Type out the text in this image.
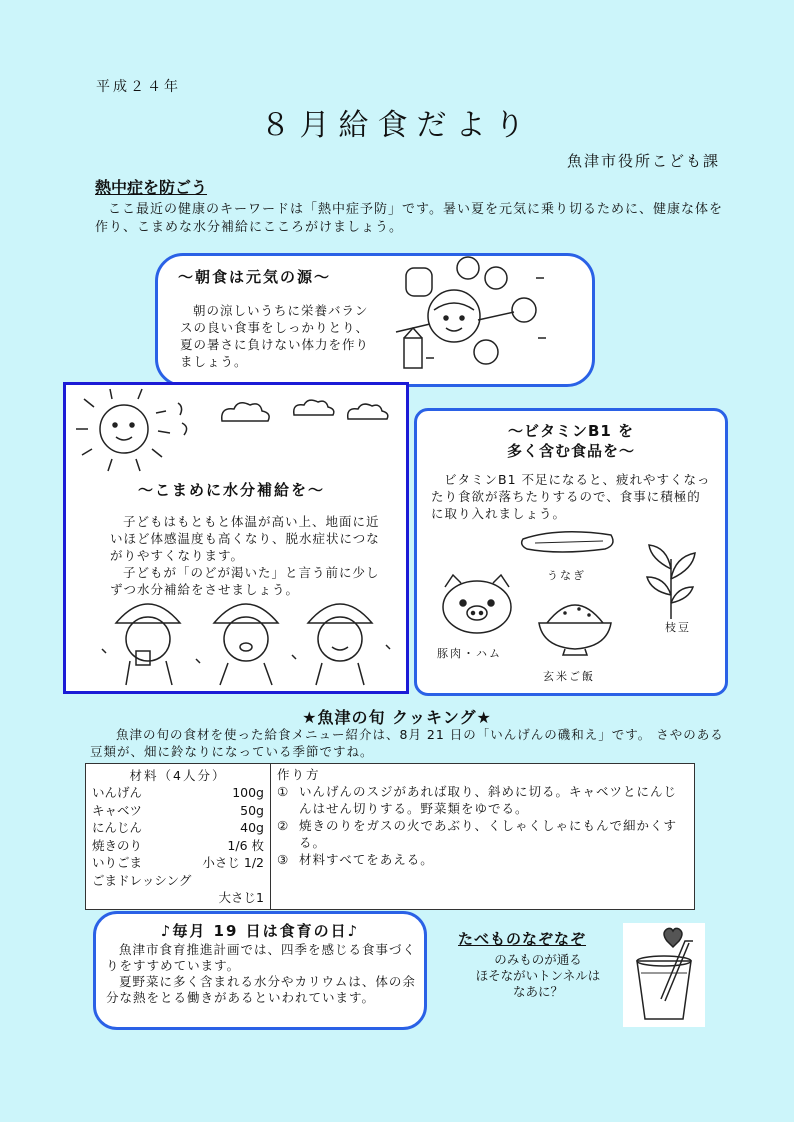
平成２４年
８月給食だより
魚津市役所こども課
熱中症を防ごう
ここ最近の健康のキーワードは「熱中症予防」です。暑い夏を元気に乗り切るために、健康な体を作り、こまめな水分補給にこころがけましょう。
～朝食は元気の源～
朝の涼しいうちに栄養バランスの良い食事をしっかりとり、夏の暑さに負けない体力を作りましょう。
～こまめに水分補給を～

子どもはもともと体温が高い上、地面に近いほど体感温度も高くなり、脱水症状につながりやすくなります。

子どもが「のどが渇いた」と言う前に少しずつ水分補給をさせましょう。

～ビタミンB1 を
多く含む食品を～
ビタミンB1 不足になると、疲れやすくなったり食欲が落ちたりするので、食事に積極的に取り入れましょう。
うなぎ
枝豆
豚肉・ハム
玄米ご飯
★魚津の旬 クッキング★
魚津の旬の食材を使った給食メニュー紹介は、8月 21 日の「いんげんの磯和え」です。 さやのある豆類が、畑に鈴なりになっている季節ですね。
材料（4人分）
いんげん	100g
キャベツ	50g
にんじん	40g
焼きのり	1/6 枚
いりごま	小さじ 1/2
ごまドレッシング
大さじ1

作り方
① いんげんのスジがあれば取り、斜めに切る。キャベツとにんじんはせん切りする。野菜類をゆでる。
② 焼きのりをガスの火であぶり、くしゃくしゃにもんで細かくする。
③ 材料すべてをあえる。
♪毎月 19 日は食育の日♪

魚津市食育推進計画では、四季を感じる食事づくりをすすめています。

夏野菜に多く含まれる水分やカリウムは、体の余分な熱をとる働きがあるといわれています。

たべものなぞなぞ
のみものが通る
ほそながいトンネルは
なあに？
